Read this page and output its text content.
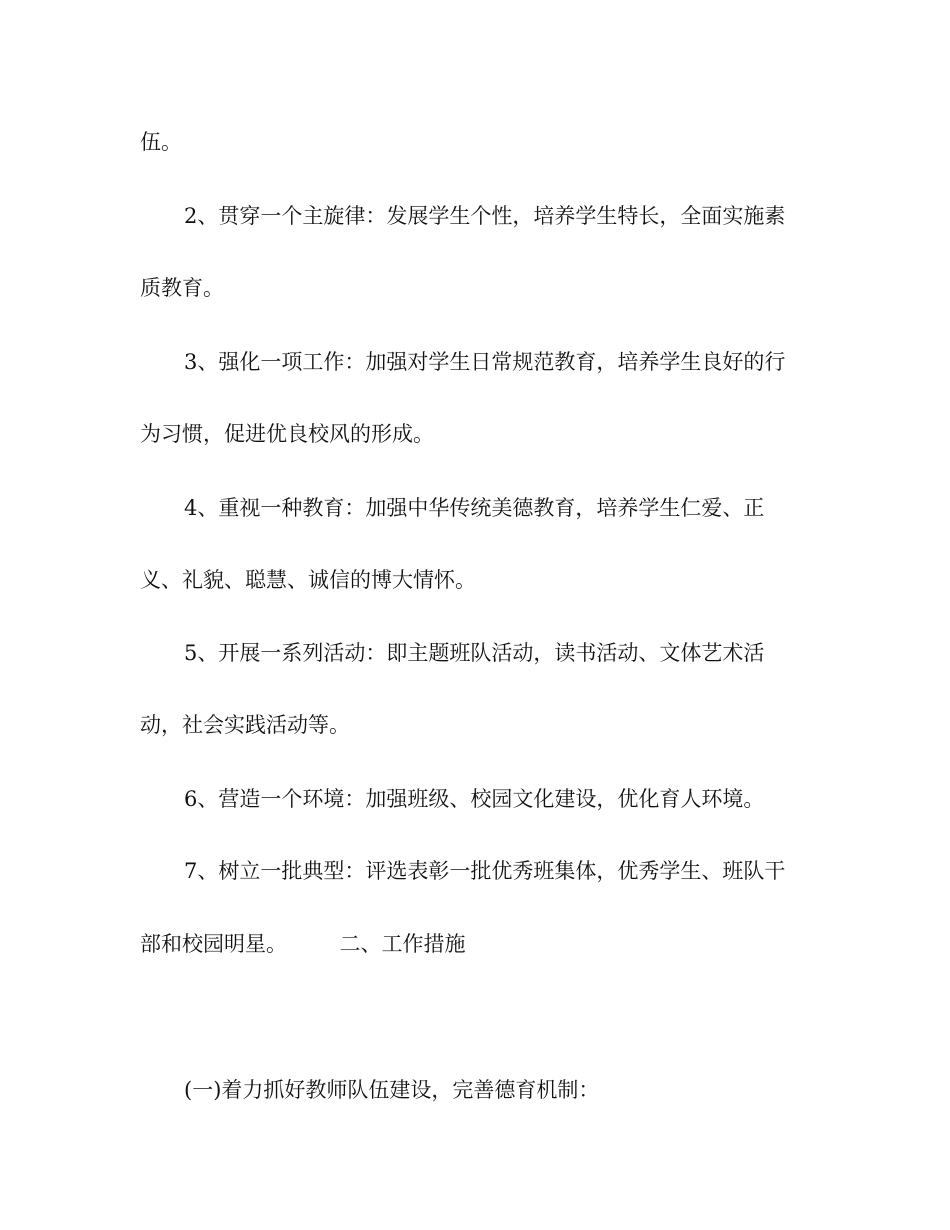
伍。
2、贯穿一个主旋律：发展学生个性，培养学生特长，全面实施素
质教育。
3、强化一项工作：加强对学生日常规范教育，培养学生良好的行
为习惯，促进优良校风的形成。
4、重视一种教育：加强中华传统美德教育，培养学生仁爱、正
义、礼貌、聪慧、诚信的博大情怀。
5、开展一系列活动：即主题班队活动，读书活动、文体艺术活
动，社会实践活动等。
6、营造一个环境：加强班级、校园文化建设，优化育人环境。
7、树立一批典型：评选表彰一批优秀班集体，优秀学生、班队干
部和校园明星。　　　二、工作措施
(一)着力抓好教师队伍建设，完善德育机制：
